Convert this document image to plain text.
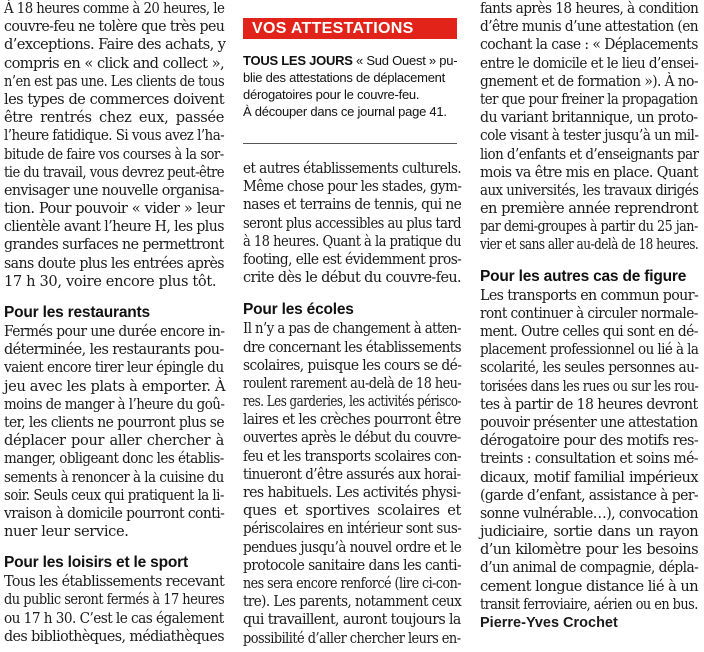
À 18 heures comme à 20 heures, le
couvre-feu ne tolère que très peu
d’exceptions. Faire des achats, y
compris en « click and collect »,
n’en est pas une. Les clients de tous
les types de commerces doivent
être rentrés chez eux, passée
l’heure fatidique. Si vous avez l’ha-
bitude de faire vos courses à la sor-
tie du travail, vous devrez peut-être
envisager une nouvelle organisa-
tion. Pour pouvoir « vider » leur
clientèle avant l’heure H, les plus
grandes surfaces ne permettront
sans doute plus les entrées après
17 h 30, voire encore plus tôt.
Pour les restaurants
Fermés pour une durée encore in-
déterminée, les restaurants pou-
vaient encore tirer leur épingle du
jeu avec les plats à emporter. À
moins de manger à l’heure du goû-
ter, les clients ne pourront plus se
déplacer pour aller chercher à
manger, obligeant donc les établis-
sements à renoncer à la cuisine du
soir. Seuls ceux qui pratiquent la li-
vraison à domicile pourront conti-
nuer leur service.
Pour les loisirs et le sport
Tous les établissements recevant
du public seront fermés à 17 heures
ou 17 h 30. C’est le cas également
des bibliothèques, médiathèques
VOS ATTESTATIONS
TOUS LES JOURS « Sud Ouest » pu-
blie des attestations de déplacement
dérogatoires pour le couvre-feu.
À découper dans ce journal page 41.
et autres établissements culturels.
Même chose pour les stades, gym-
nases et terrains de tennis, qui ne
seront plus accessibles au plus tard
à 18 heures. Quant à la pratique du
footing, elle est évidemment pros-
crite dès le début du couvre-feu.
Pour les écoles
Il n’y a pas de changement à atten-
dre concernant les établissements
scolaires, puisque les cours se dé-
roulent rarement au-delà de 18 heu-
res. Les garderies, les activités périsco-
laires et les crèches pourront être
ouvertes après le début du couvre-
feu et les transports scolaires con-
tinueront d’être assurés aux horai-
res habituels. Les activités physi-
ques et sportives scolaires et
périscolaires en intérieur sont sus-
pendues jusqu’à nouvel ordre et le
protocole sanitaire dans les canti-
nes sera encore renforcé (lire ci-con-
tre). Les parents, notamment ceux
qui travaillent, auront toujours la
possibilité d’aller chercher leurs en-
fants après 18 heures, à condition
d’être munis d’une attestation (en
cochant la case : « Déplacements
entre le domicile et le lieu d’ensei-
gnement et de formation »). À no-
ter que pour freiner la propagation
du variant britannique, un proto-
cole visant à tester jusqu’à un mil-
lion d’enfants et d’enseignants par
mois va être mis en place. Quant
aux universités, les travaux dirigés
en première année reprendront
par demi-groupes à partir du 25 jan-
vier et sans aller au-delà de 18 heures.
Pour les autres cas de figure
Les transports en commun pour-
ront continuer à circuler normale-
ment. Outre celles qui sont en dé-
placement professionnel ou lié à la
scolarité, les seules personnes au-
torisées dans les rues ou sur les rou-
tes à partir de 18 heures devront
pouvoir présenter une attestation
dérogatoire pour des motifs res-
treints : consultation et soins mé-
dicaux, motif familial impérieux
(garde d’enfant, assistance à per-
sonne vulnérable…), convocation
judiciaire, sortie dans un rayon
d’un kilomètre pour les besoins
d’un animal de compagnie, dépla-
cement longue distance lié à un
transit ferroviaire, aérien ou en bus.
Pierre-Yves Crochet
